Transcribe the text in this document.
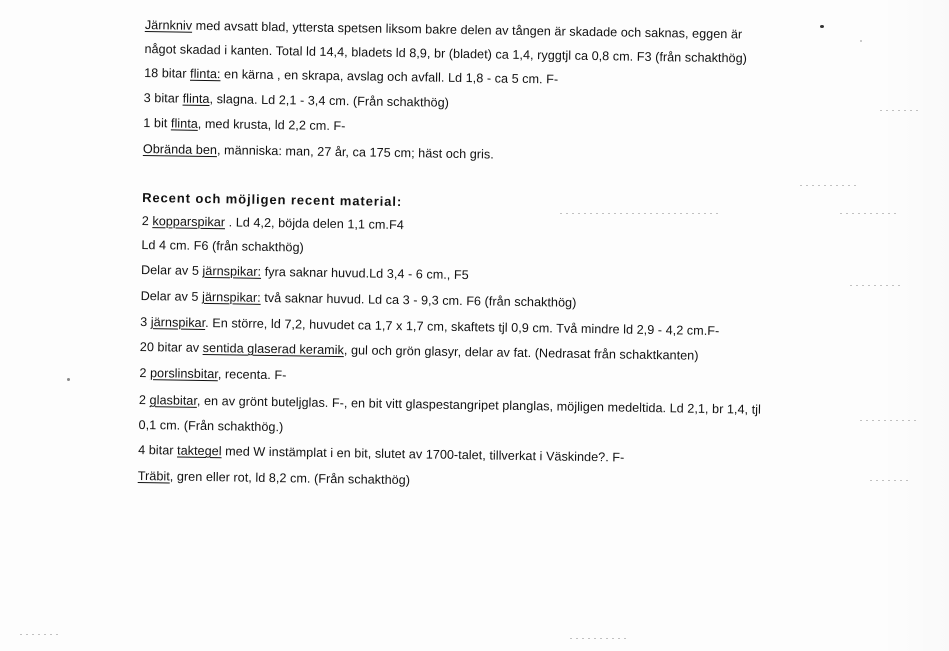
Järnkniv med avsatt blad, yttersta spetsen liksom bakre delen av tången är skadade och saknas, eggen är
något skadad i kanten. Total ld 14,4, bladets ld 8,9, br (bladet) ca 1,4, ryggtjl ca 0,8 cm. F3 (från schakthög)
18 bitar flinta: en kärna , en skrapa, avslag och avfall. Ld 1,8 - ca 5 cm. F-
3 bitar flinta, slagna. Ld 2,1 - 3,4 cm. (Från schakthög)
1 bit flinta, med krusta, ld 2,2 cm. F-
Obrända ben, människa: man, 27 år, ca 175 cm; häst och gris.
Recent och möjligen recent material:
2 kopparspikar . Ld 4,2, böjda delen 1,1 cm.F4
Ld 4 cm. F6 (från schakthög)
Delar av 5 järnspikar: fyra saknar huvud.Ld 3,4 - 6 cm., F5
Delar av 5 järnspikar: två saknar huvud. Ld ca 3 - 9,3 cm. F6 (från schakthög)
3 järnspikar. En större, ld 7,2, huvudet ca 1,7 x 1,7 cm, skaftets tjl 0,9 cm. Två mindre ld 2,9 - 4,2 cm.F-
20 bitar av sentida glaserad keramik, gul och grön glasyr, delar av fat. (Nedrasat från schaktkanten)
2 porslinsbitar, recenta. F-
2 glasbitar, en av grönt buteljglas. F-, en bit vitt glaspestangripet planglas, möjligen medeltida. Ld 2,1, br 1,4, tjl
0,1 cm. (Från schakthög.)
4 bitar taktegel med W instämplat i en bit, slutet av 1700-talet, tillverkat i Väskinde?. F-
Träbit, gren eller rot, ld 8,2 cm. (Från schakthög)
